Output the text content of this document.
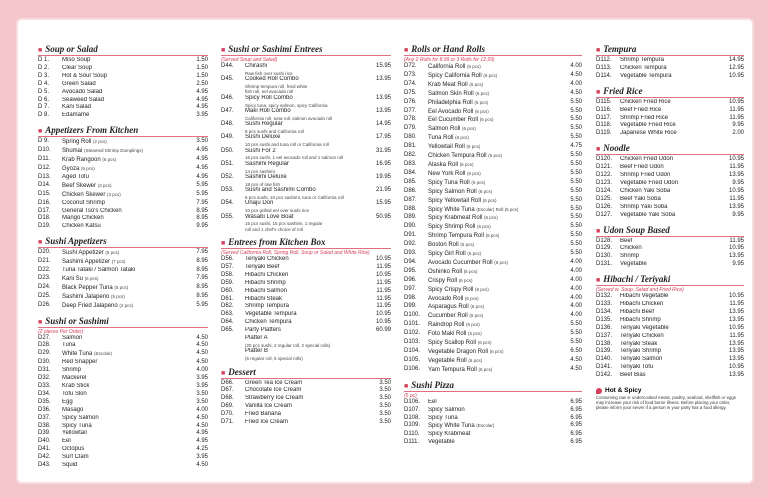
■ Soup or Salad
D 1.	Miso Soup	1.50
D 2.	Clear Soup	1.50
D 3.	Hot & Sour Soup	1.50
D 4.	Green Salad	2.50
D 5.	Avocado Salad	4.95
D 6.	Seaweed Salad	4.95
D 7.	Kani Salad	4.95
D 8.	Edamame	3.95
■ Appetizers From Kitchen
D 9.	Spring Roll (2 pcs)	3.50
D10.	Shumai (Steamed Shrimp Dumplings)	4.95
D11.	Krab Rangoon (6 pcs)	4.95
D12.	Gyoza (6 pcs)	4.95
D13.	Aged Tofu	4.95
D14.	Beef Skewer (3 pcs)	5.95
D15.	Chicken Skewer (3 pcs)	5.95
D16.	Coconut Shrimp	7.95
D17.	General Tso's Chicken	8.95
D18.	Mango Chicken	8.95
D19.	Chicken Katsu	9.95
■ Sushi Appetizers
D20.	Sushi Appetizer (5 pcs)	7.95
D21.	Sashimi Appetizer (7 pcs)	8.95
D22.	Tuna Tataki / Salmon Tataki	8.95
D23.	Kani Su (6 pcs)	7.95
D24.	Black Pepper Tuna (5 pcs)	8.95
D25.	Sashimi Jalapeno (5 pcs)	8.95
D26.	Deep Fried Jalapeno (2 pcs)	5.95
■ Sushi or Sashimi
(2 pieces Per Order)
D27.	Salmon	4.50
D28.	Tuna	4.50
D29.	White Tuna (Escolar)	4.50
D30.	Red Snapper	4.50
D31.	Shrimp	4.00
D32.	Mackerel	3.95
D33.	Krab Stick	3.95
D34.	Tofu Skin	3.50
D35.	Egg	3.50
D36.	Masago	4.00
D37.	Spicy Salmon	4.50
D38.	Spicy Tuna	4.50
D39.	Yellowtail	4.95
D40.	Eel	4.95
D41.	Octopus	4.25
D42.	Surf Clam	3.95
D43.	Squid	4.50
■ Sushi or Sashimi Entrees
(Served Soup and Salad)
D44.	Chirashi	15.95
Raw fish over sushi rice
D45.	Cooked Roll Combo	13.95
Shrimp tempura roll, fried white
fish roll, eel avocado roll
D46.	Spicy Roll Combo	13.95
Spicy tuna, spicy salmon, spicy California
D47.	Maki Roll Combo	13.95
California roll, tuna roll, salmon avocado roll
D48.	Sushi Regular	14.95
8 pcs sushi and California roll
D49.	Sushi Deluxe	17.95
10 pcs sushi and tuna roll or California roll
D50.	Sushi For 2	31.95
16 pcs sushi, 1 eel avocado roll and 1 salmon roll
D51.	Sashimi Regular	16.95
14 pcs sashimi
D52.	Sashimi Deluxe	19.95
18 pcs of raw fish
D53.	Sushi and Sashimi Combo	21.95
6 pcs sushi, 10 pcs sashimi, tuna or California roll
D54.	Unaju Don	15.95
10 pcs grilled eel over sushi rice
D55.	Wasabi Love Boat	50.95
15 pcs sushi, 15 pcs sashimi, 1 regular
roll and 1 chef's choice of roll
■ Entrees from Kitchen Box
(Served California Roll, Spring Roll, Soup or Salad and White Rice)
D56.	Teriyaki Chicken	10.95
D57.	Teriyaki Beef	11.95
D58.	Hibachi Chicken	10.95
D59.	Hibachi Shrimp	11.95
D60.	Hibachi Salmon	11.95
D61.	Hibachi Steak	11.95
D62.	Shrimp Tempura	11.95
D63.	Vegetable Tempura	10.95
D64.	Chicken Tempura	10.95
D65.	Party Platters	60.99
Platter A
(20 pcs sushi, 2 regular roll, 2 special rolls)
Platter B
(5 regular roll, 5 special rolls)
■ Dessert
D66.	Green Tea Ice Cream	3.50
D67.	Chocolate Ice Cream	3.50
D68.	Strawberry Ice Cream	3.50
D69.	Vanilla Ice Cream	3.50
D70.	Fried Banana	3.50
D71.	Fried Ice Cream	3.50
■ Rolls or Hand Rolls
(Any 2 Rolls for 8.99 or 3 Rolls for 12.99)
D72.	California Roll (6 pcs)	4.00
D73.	Spicy California Roll (6 pcs)	4.50
D74.	Krab Meat Roll (6 pcs)	4.00
D75.	Salmon Skin Roll (6 pcs)	4.50
D76.	Philadelphia Roll (5 pcs)	5.50
D77.	Eel Avocado Roll (6 pcs)	5.50
D78.	Eel Cucumber Roll (6 pcs)	5.50
D79.	Salmon Roll (6 pcs)	5.50
D80.	Tuna Roll (6 pcs)	5.50
D81.	Yellowtail Roll (6 pcs)	4.75
D82.	Chicken Tempura Roll (6 pcs)	5.50
D83.	Alaska Roll (6 pcs)	5.50
D84.	New York Roll (6 pcs)	5.50
D85.	Spicy Tuna Roll (6 pcs)	5.50
D86.	Spicy Salmon Roll (6 pcs)	5.50
D87.	Spicy Yellowtail Roll (6 pcs)	5.50
D88.	Spicy White Tuna (Escolar) Roll (6 pcs)	5.50
D89.	Spicy Krabmeat Roll (6 pcs)	5.50
D90.	Spicy Shrimp Roll (6 pcs)	5.50
D91.	Shrimp Tempura Roll (6 pcs)	5.50
D92.	Boston Roll (5 pcs)	5.50
D93.	Spicy Girl Roll (5 pcs)	5.50
D94.	Avocado Cucumber Roll (6 pcs)	4.00
D95.	Oshinko Roll (6 pcs)	4.00
D96.	Crispy Roll (6 pcs)	4.00
D97.	Spicy Crispy Roll (6 pcs)	4.00
D98.	Avocado Roll (6 pcs)	4.00
D99.	Asparagus Roll (6 pcs)	4.00
D100.	Cucumber Roll (6 pcs)	4.00
D101.	Raindrop Roll (5 pcs)	5.50
D102.	Foto Maki Roll (5 pcs)	5.50
D103.	Spicy Scallop Roll (6 pcs)	5.50
D104.	Vegetable Dragon Roll (6 pcs)	6.50
D105.	Vegetable Roll (6 pcs)	4.50
D106.	Yam Tempura Roll (6 pcs)	4.50
■ Sushi Pizza
(5 pc)
D106.	Eel	6.95
D107.	Spicy Salmon	6.95
D108.	Spicy Tuna	6.95
D109.	Spicy White Tuna (Escolar)	6.95
D110.	Spicy Krabmeat	6.95
D111.	Vegetable	6.95
■ Tempura
D112.	Shrimp Tempura	14.95
D113.	Chicken Tempura	12.95
D114.	Vegetable Tempura	10.95
■ Fried Rice
D115.	Chicken Fried Rice	10.95
D116.	Beef Fried Rice	11.95
D117.	Shrimp Fried Rice	11.95
D118.	Vegetable Fried Rice	9.95
D119.	Japanese White Rice	2.00
■ Noodle
D120.	Chicken Fried Udon	10.95
D121.	Beef Fried Udon	11.95
D122.	Shrimp Fried Udon	13.95
D123.	Vegetable Fried Udon	9.95
D124.	Chicken Yaki Soba	10.95
D125.	Beef Yaki Soba	11.95
D126.	Shrimp Yaki Soba	13.95
D127.	Vegetable Yaki Soba	9.95
■ Udon Soup Based
D128.	Beef	11.95
D129.	Chicken	10.95
D130.	Shrimp	13.95
D131.	Vegetable	9.95
■ Hibachi / Teriyaki
(Served w. Soup, Salad and Fried Rice)
D132.	Hibachi Vegetable	10.95
D133.	Hibachi Chicken	11.95
D134.	Hibachi Beef	13.95
D135.	Hibachi Shrimp	13.95
D136.	Teriyaki Vegetable	10.95
D137.	Teriyaki Chicken	11.95
D138.	Teriyaki Steak	13.95
D139.	Teriyaki Shrimp	13.95
D140.	Teriyaki Salmon	13.95
D141.	Teriyaki Tofu	10.95
D142.	Beef Bias	13.95
Hot & Spicy
Consuming raw or undercooked meats, poultry, seafood, shellfish or eggs may increase your risk of food borne illness. Before placing your order, please inform your server if a person in your party has a food allergy.
